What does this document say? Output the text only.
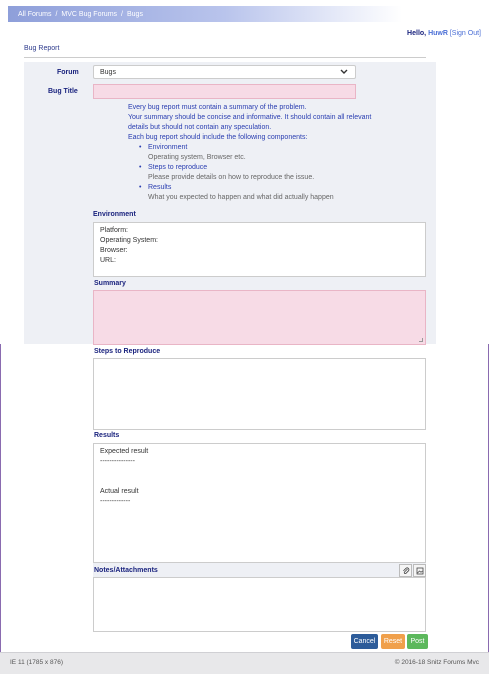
All Forums / MVC Bug Forums / Bugs
Hello, HuwR [Sign Out]
Bug Report
Forum	Bugs
Bug Title
Every bug report must contain a summary of the problem.
Your summary should be concise and informative. It should contain all relevant details but should not contain any speculation.
Each bug report should include the following components:
• Environment
Operating system, Browser etc.
• Steps to reproduce
Please provide details on how to reproduce the issue.
• Results
What you expected to happen and what did actually happen
Environment
Platform:
Operating System:
Browser:
URL:
Summary
Steps to Reproduce
Results
Expected result
---------------

Actual result
-------------
Notes/Attachments
Cancel	Reset	Post
IE 11 (1785 x 876)	© 2016-18 Snitz Forums Mvc
